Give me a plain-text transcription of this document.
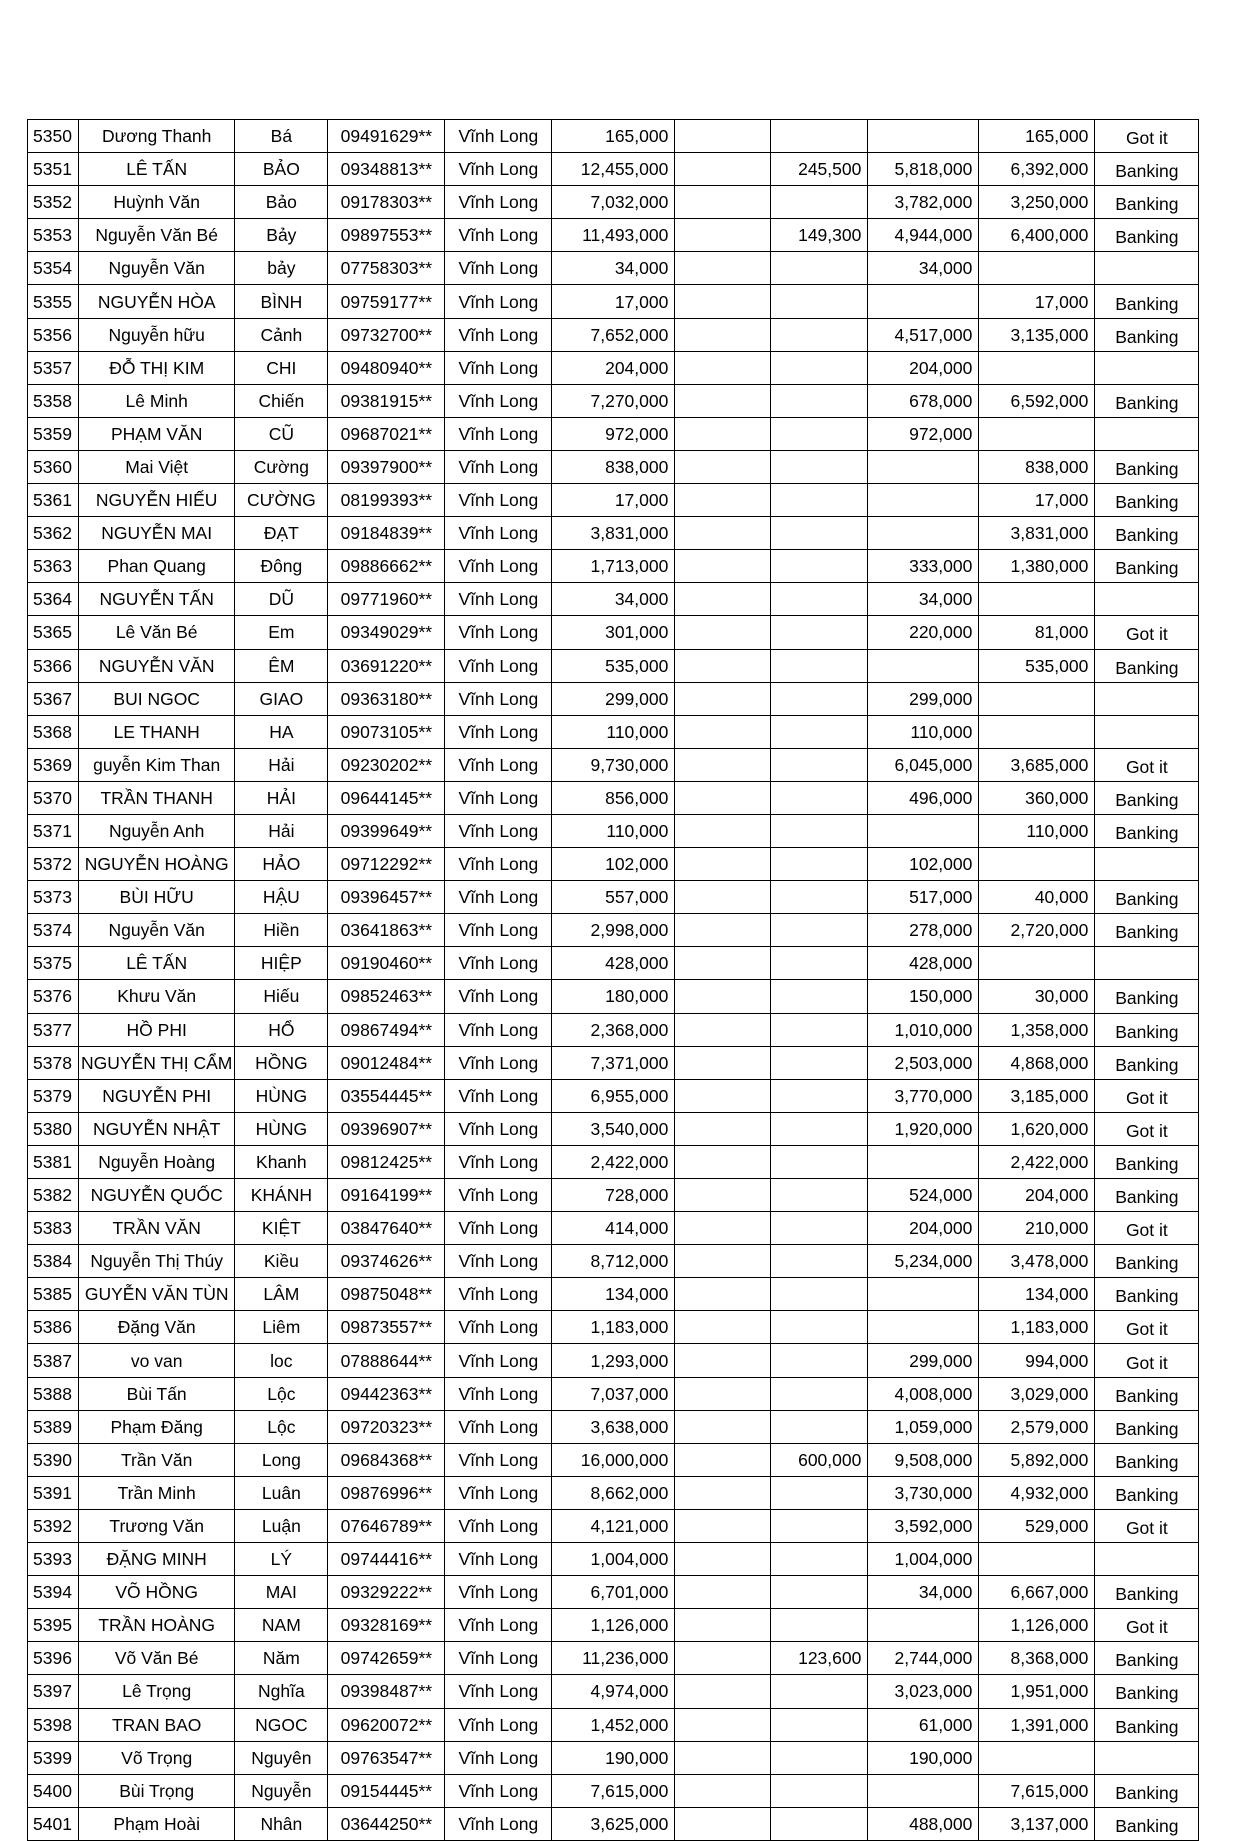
5350	Dương Thanh	Bá	09491629**	Vĩnh Long	165,000				165,000	Got it
5351	LÊ TẤN	BẢO	09348813**	Vĩnh Long	12,455,000		245,500	5,818,000	6,392,000	Banking
5352	Huỳnh Văn	Bảo	09178303**	Vĩnh Long	7,032,000			3,782,000	3,250,000	Banking
5353	Nguyễn Văn Bé	Bảy	09897553**	Vĩnh Long	11,493,000		149,300	4,944,000	6,400,000	Banking
5354	Nguyễn Văn	bảy	07758303**	Vĩnh Long	34,000			34,000		
5355	NGUYỄN HÒA	BÌNH	09759177**	Vĩnh Long	17,000				17,000	Banking
5356	Nguyễn hữu	Cảnh	09732700**	Vĩnh Long	7,652,000			4,517,000	3,135,000	Banking
5357	ĐỖ THỊ KIM	CHI	09480940**	Vĩnh Long	204,000			204,000		
5358	Lê Minh	Chiến	09381915**	Vĩnh Long	7,270,000			678,000	6,592,000	Banking
5359	PHẠM VĂN	CŨ	09687021**	Vĩnh Long	972,000			972,000		
5360	Mai Việt	Cường	09397900**	Vĩnh Long	838,000				838,000	Banking
5361	NGUYỄN HIẾU	CƯỜNG	08199393**	Vĩnh Long	17,000				17,000	Banking
5362	NGUYỄN MAI	ĐẠT	09184839**	Vĩnh Long	3,831,000				3,831,000	Banking
5363	Phan Quang	Đông	09886662**	Vĩnh Long	1,713,000			333,000	1,380,000	Banking
5364	NGUYỄN TẤN	DŨ	09771960**	Vĩnh Long	34,000			34,000		
5365	Lê Văn Bé	Em	09349029**	Vĩnh Long	301,000			220,000	81,000	Got it
5366	NGUYỄN VĂN	ÊM	03691220**	Vĩnh Long	535,000				535,000	Banking
5367	BUI NGOC	GIAO	09363180**	Vĩnh Long	299,000			299,000		
5368	LE THANH	HA	09073105**	Vĩnh Long	110,000			110,000		
5369	guyễn Kim Than	Hải	09230202**	Vĩnh Long	9,730,000			6,045,000	3,685,000	Got it
5370	TRẦN THANH	HẢI	09644145**	Vĩnh Long	856,000			496,000	360,000	Banking
5371	Nguyễn Anh	Hải	09399649**	Vĩnh Long	110,000				110,000	Banking
5372	NGUYỄN HOÀNG	HẢO	09712292**	Vĩnh Long	102,000			102,000		
5373	BÙI HỮU	HẬU	09396457**	Vĩnh Long	557,000			517,000	40,000	Banking
5374	Nguyễn Văn	Hiền	03641863**	Vĩnh Long	2,998,000			278,000	2,720,000	Banking
5375	LÊ TẤN	HIỆP	09190460**	Vĩnh Long	428,000			428,000		
5376	Khưu Văn	Hiếu	09852463**	Vĩnh Long	180,000			150,000	30,000	Banking
5377	HỒ PHI	HỔ	09867494**	Vĩnh Long	2,368,000			1,010,000	1,358,000	Banking
5378	NGUYỄN THỊ CẨM	HỒNG	09012484**	Vĩnh Long	7,371,000			2,503,000	4,868,000	Banking
5379	NGUYỄN PHI	HÙNG	03554445**	Vĩnh Long	6,955,000			3,770,000	3,185,000	Got it
5380	NGUYỄN NHẬT	HÙNG	09396907**	Vĩnh Long	3,540,000			1,920,000	1,620,000	Got it
5381	Nguyễn Hoàng	Khanh	09812425**	Vĩnh Long	2,422,000				2,422,000	Banking
5382	NGUYỄN QUỐC	KHÁNH	09164199**	Vĩnh Long	728,000			524,000	204,000	Banking
5383	TRẦN VĂN	KIỆT	03847640**	Vĩnh Long	414,000			204,000	210,000	Got it
5384	Nguyễn Thị Thúy	Kiều	09374626**	Vĩnh Long	8,712,000			5,234,000	3,478,000	Banking
5385	GUYỄN VĂN TÙN	LÂM	09875048**	Vĩnh Long	134,000				134,000	Banking
5386	Đặng Văn	Liêm	09873557**	Vĩnh Long	1,183,000				1,183,000	Got it
5387	vo van	loc	07888644**	Vĩnh Long	1,293,000			299,000	994,000	Got it
5388	Bùi Tấn	Lộc	09442363**	Vĩnh Long	7,037,000			4,008,000	3,029,000	Banking
5389	Phạm Đăng	Lộc	09720323**	Vĩnh Long	3,638,000			1,059,000	2,579,000	Banking
5390	Trần Văn	Long	09684368**	Vĩnh Long	16,000,000		600,000	9,508,000	5,892,000	Banking
5391	Trần Minh	Luân	09876996**	Vĩnh Long	8,662,000			3,730,000	4,932,000	Banking
5392	Trương Văn	Luận	07646789**	Vĩnh Long	4,121,000			3,592,000	529,000	Got it
5393	ĐẶNG MINH	LÝ	09744416**	Vĩnh Long	1,004,000			1,004,000		
5394	VÕ HỒNG	MAI	09329222**	Vĩnh Long	6,701,000			34,000	6,667,000	Banking
5395	TRẦN HOÀNG	NAM	09328169**	Vĩnh Long	1,126,000				1,126,000	Got it
5396	Võ Văn Bé	Năm	09742659**	Vĩnh Long	11,236,000		123,600	2,744,000	8,368,000	Banking
5397	Lê Trọng	Nghĩa	09398487**	Vĩnh Long	4,974,000			3,023,000	1,951,000	Banking
5398	TRAN BAO	NGOC	09620072**	Vĩnh Long	1,452,000			61,000	1,391,000	Banking
5399	Võ Trọng	Nguyên	09763547**	Vĩnh Long	190,000			190,000		
5400	Bùi Trọng	Nguyễn	09154445**	Vĩnh Long	7,615,000				7,615,000	Banking
5401	Phạm Hoài	Nhân	03644250**	Vĩnh Long	3,625,000			488,000	3,137,000	Banking
